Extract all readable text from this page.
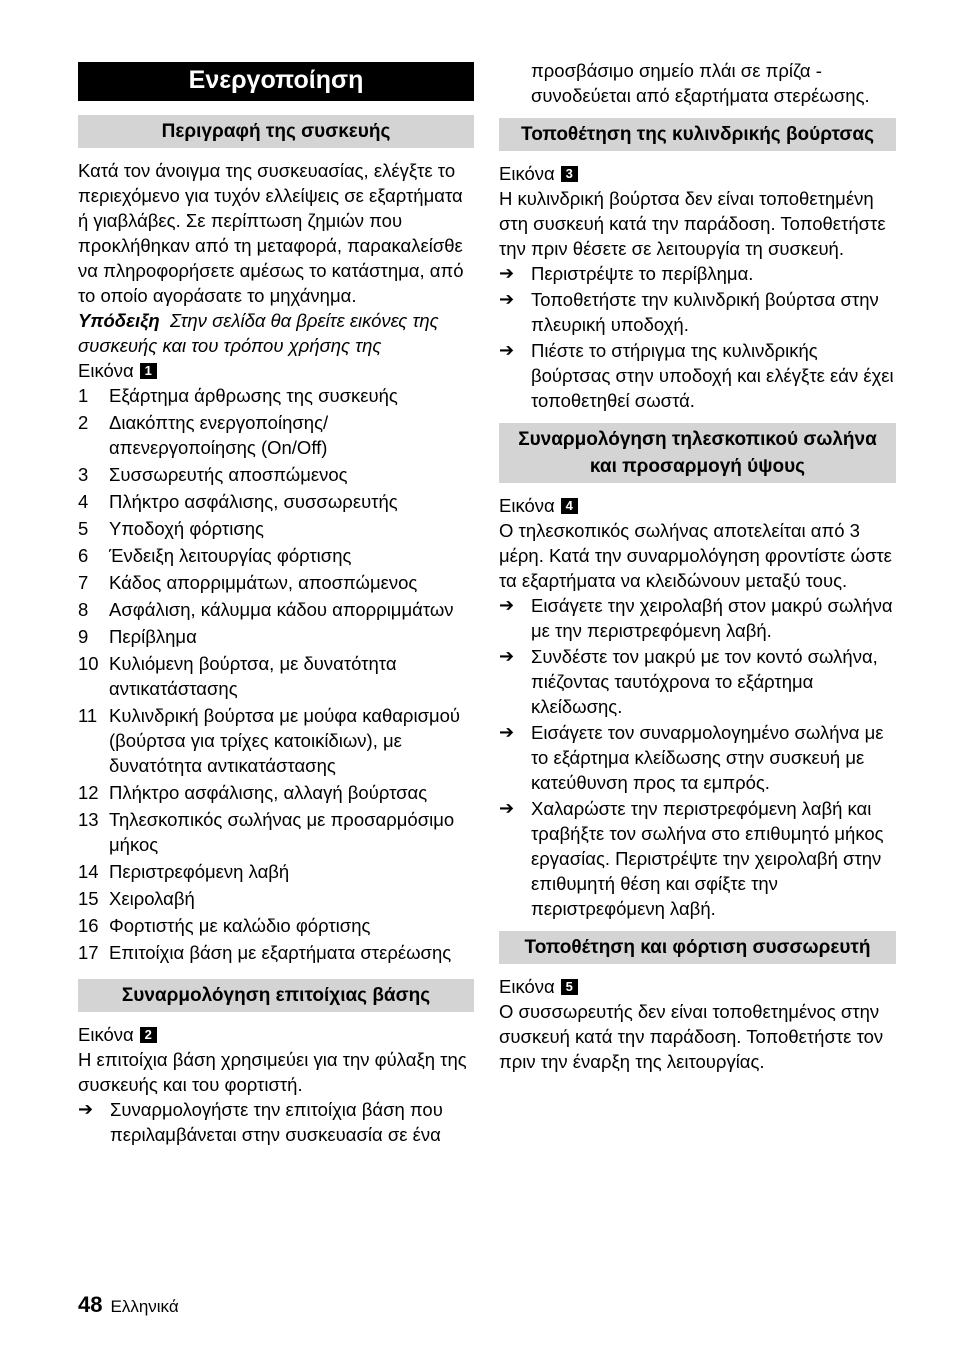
Ενεργοποίηση
Περιγραφή της συσκευής

Κατά τον άνοιγμα της συσκευασίας, ελέγξτε το περιεχόμενο για τυχόν ελλείψεις σε εξαρτήματα ή γιαβλάβες. Σε περίπτωση ζημιών που προκλήθηκαν από τη μεταφορά, παρακαλείσθε να πληροφορήσετε αμέσως το κατάστημα, από το οποίο αγοράσατε το μηχάνημα.

Υπόδειξη Στην σελίδα θα βρείτε εικόνες της συσκευής και του τρόπου χρήσης της

Εικόνα 1
1	Εξάρτημα άρθρωσης της συσκευής
2	Διακόπτης ενεργοποίησης/ απενεργοποίησης (On/Off)
3	Συσσωρευτής αποσπώμενος
4	Πλήκτρο ασφάλισης, συσσωρευτής
5	Υποδοχή φόρτισης
6	Ένδειξη λειτουργίας φόρτισης
7	Κάδος απορριμμάτων, αποσπώμενος
8	Ασφάλιση, κάλυμμα κάδου απορριμμάτων
9	Περίβλημα
10 Κυλιόμενη βούρτσα, με δυνατότητα αντικατάστασης
11 Κυλινδρική βούρτσα με μούφα καθαρισμού (βούρτσα για τρίχες κατοικίδιων), με δυνατότητα αντικατάστασης
12 Πλήκτρο ασφάλισης, αλλαγή βούρτσας
13 Τηλεσκοπικός σωλήνας με προσαρμόσιμο μήκος
14 Περιστρεφόμενη λαβή
15 Χειρολαβή
16 Φορτιστής με καλώδιο φόρτισης
17 Επιτοίχια βάση με εξαρτήματα στερέωσης
Συναρμολόγηση επιτοίχιας βάσης
Εικόνα 2

Η επιτοίχια βάση χρησιμεύει για την φύλαξη της συσκευής και του φορτιστή.

➔ Συναρμολογήστε την επιτοίχια βάση που περιλαμβάνεται στην συσκευασία σε ένα
προσβάσιμο σημείο πλάι σε πρίζα - συνοδεύεται από εξαρτήματα στερέωσης.
Τοποθέτηση της κυλινδρικής βούρτσας
Εικόνα 3

Η κυλινδρική βούρτσα δεν είναι τοποθετημένη στη συσκευή κατά την παράδοση. Τοποθετήστε την πριν θέσετε σε λειτουργία τη συσκευή.

➔ Περιστρέψτε το περίβλημα.
➔ Τοποθετήστε την κυλινδρική βούρτσα στην πλευρική υποδοχή.
➔ Πιέστε το στήριγμα της κυλινδρικής βούρτσας στην υποδοχή και ελέγξτε εάν έχει τοποθετηθεί σωστά.
Συναρμολόγηση τηλεσκοπικού σωλήνα και προσαρμογή ύψους
Εικόνα 4

Ο τηλεσκοπικός σωλήνας αποτελείται από 3 μέρη. Κατά την συναρμολόγηση φροντίστε ώστε τα εξαρτήματα να κλειδώνουν μεταξύ τους.

➔ Εισάγετε την χειρολαβή στον μακρύ σωλήνα με την περιστρεφόμενη λαβή.
➔ Συνδέστε τον μακρύ με τον κοντό σωλήνα, πιέζοντας ταυτόχρονα το εξάρτημα κλείδωσης.
➔ Εισάγετε τον συναρμολογημένο σωλήνα με το εξάρτημα κλείδωσης στην συσκευή με κατεύθυνση προς τα εμπρός.
➔ Χαλαρώστε την περιστρεφόμενη λαβή και τραβήξτε τον σωλήνα στο επιθυμητό μήκος εργασίας. Περιστρέψτε την χειρολαβή στην επιθυμητή θέση και σφίξτε την περιστρεφόμενη λαβή.
Τοποθέτηση και φόρτιση συσσωρευτή
Εικόνα 5

Ο συσσωρευτής δεν είναι τοποθετημένος στην συσκευή κατά την παράδοση. Τοποθετήστε τον πριν την έναρξη της λειτουργίας.

48 Ελληνικά
